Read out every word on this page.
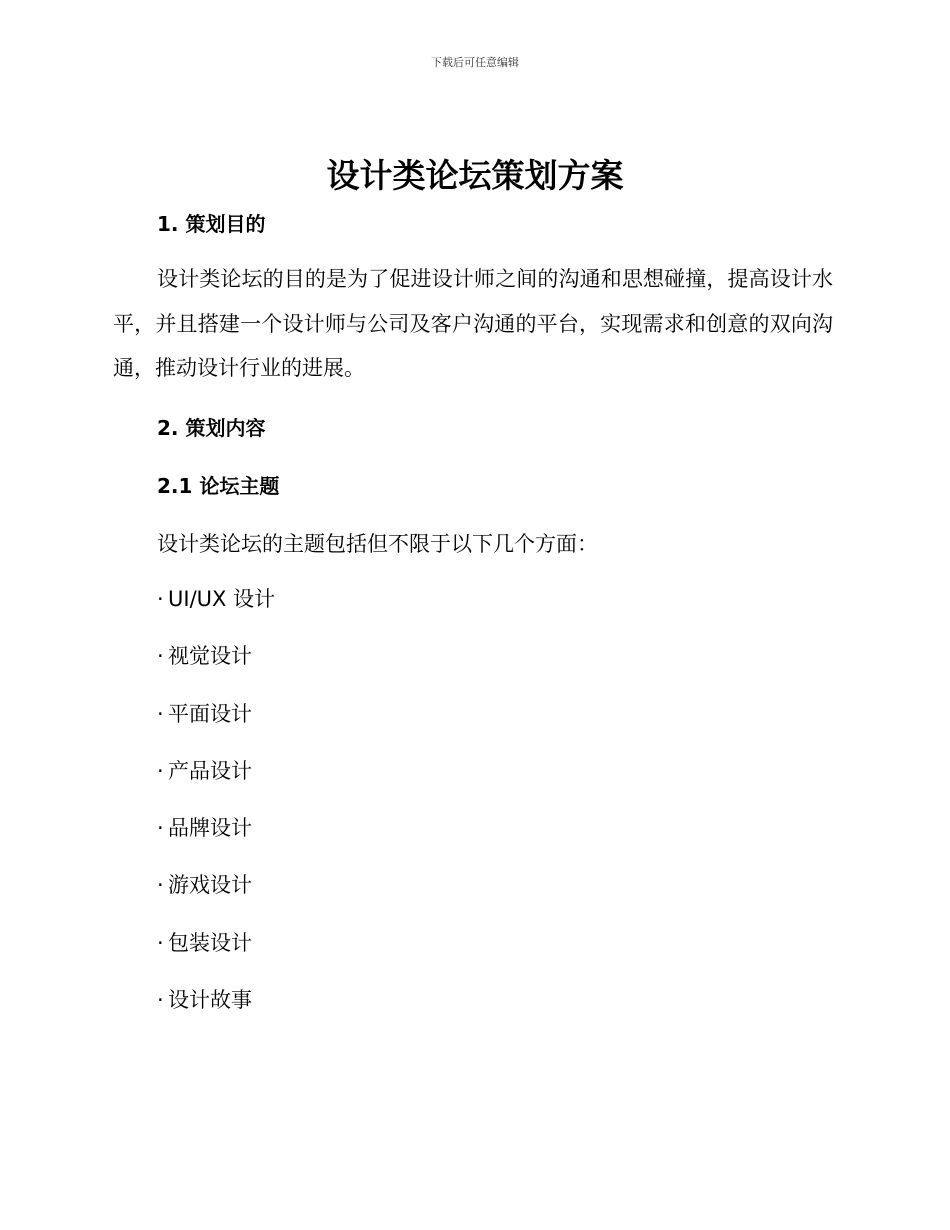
下载后可任意编辑
设计类论坛策划方案
1. 策划目的

设计类论坛的目的是为了促进设计师之间的沟通和思想碰撞，提高设计水平，并且搭建一个设计师与公司及客户沟通的平台，实现需求和创意的双向沟通，推动设计行业的进展。

2. 策划内容
2.1 论坛主题

设计类论坛的主题包括但不限于以下几个方面：

· UI/UX 设计
· 视觉设计
· 平面设计
· 产品设计
· 品牌设计
· 游戏设计
· 包装设计
· 设计故事
